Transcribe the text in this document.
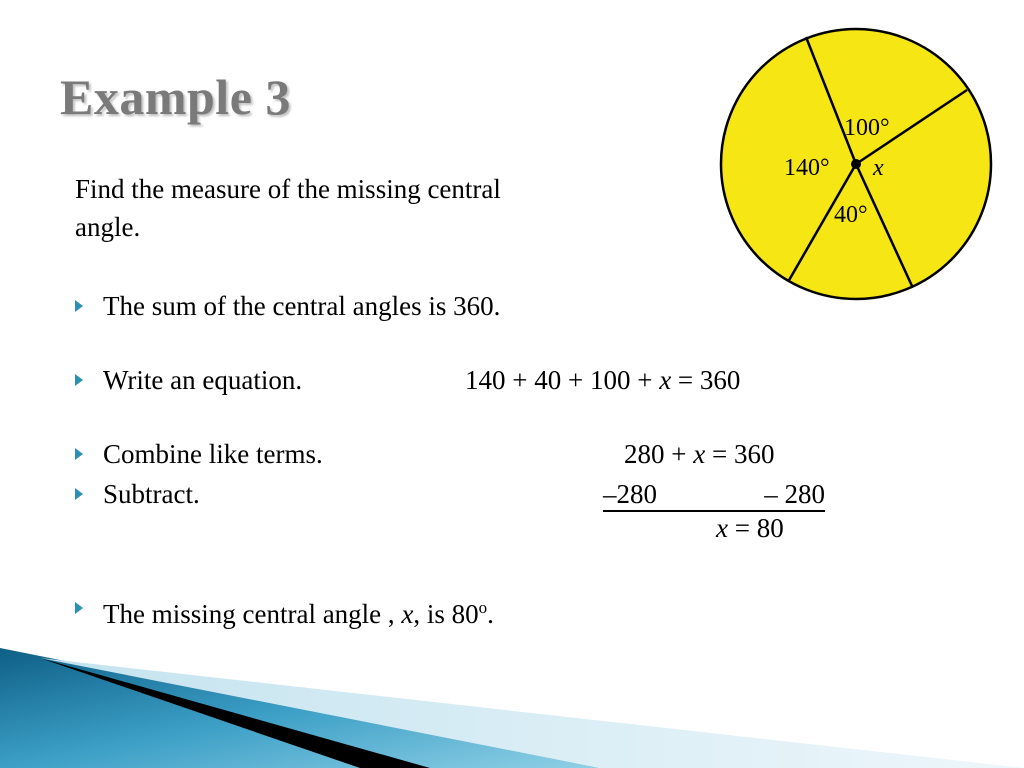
Example 3
Find the measure of the missing central angle.
The sum of the central angles is 360.
Write an equation.	140 + 40 + 100 + x = 360
Combine like terms.	280 + x = 360
Subtract.	–280	– 280
x = 80
The missing central angle , x, is 80$^o$.
100°
140° x
40°
